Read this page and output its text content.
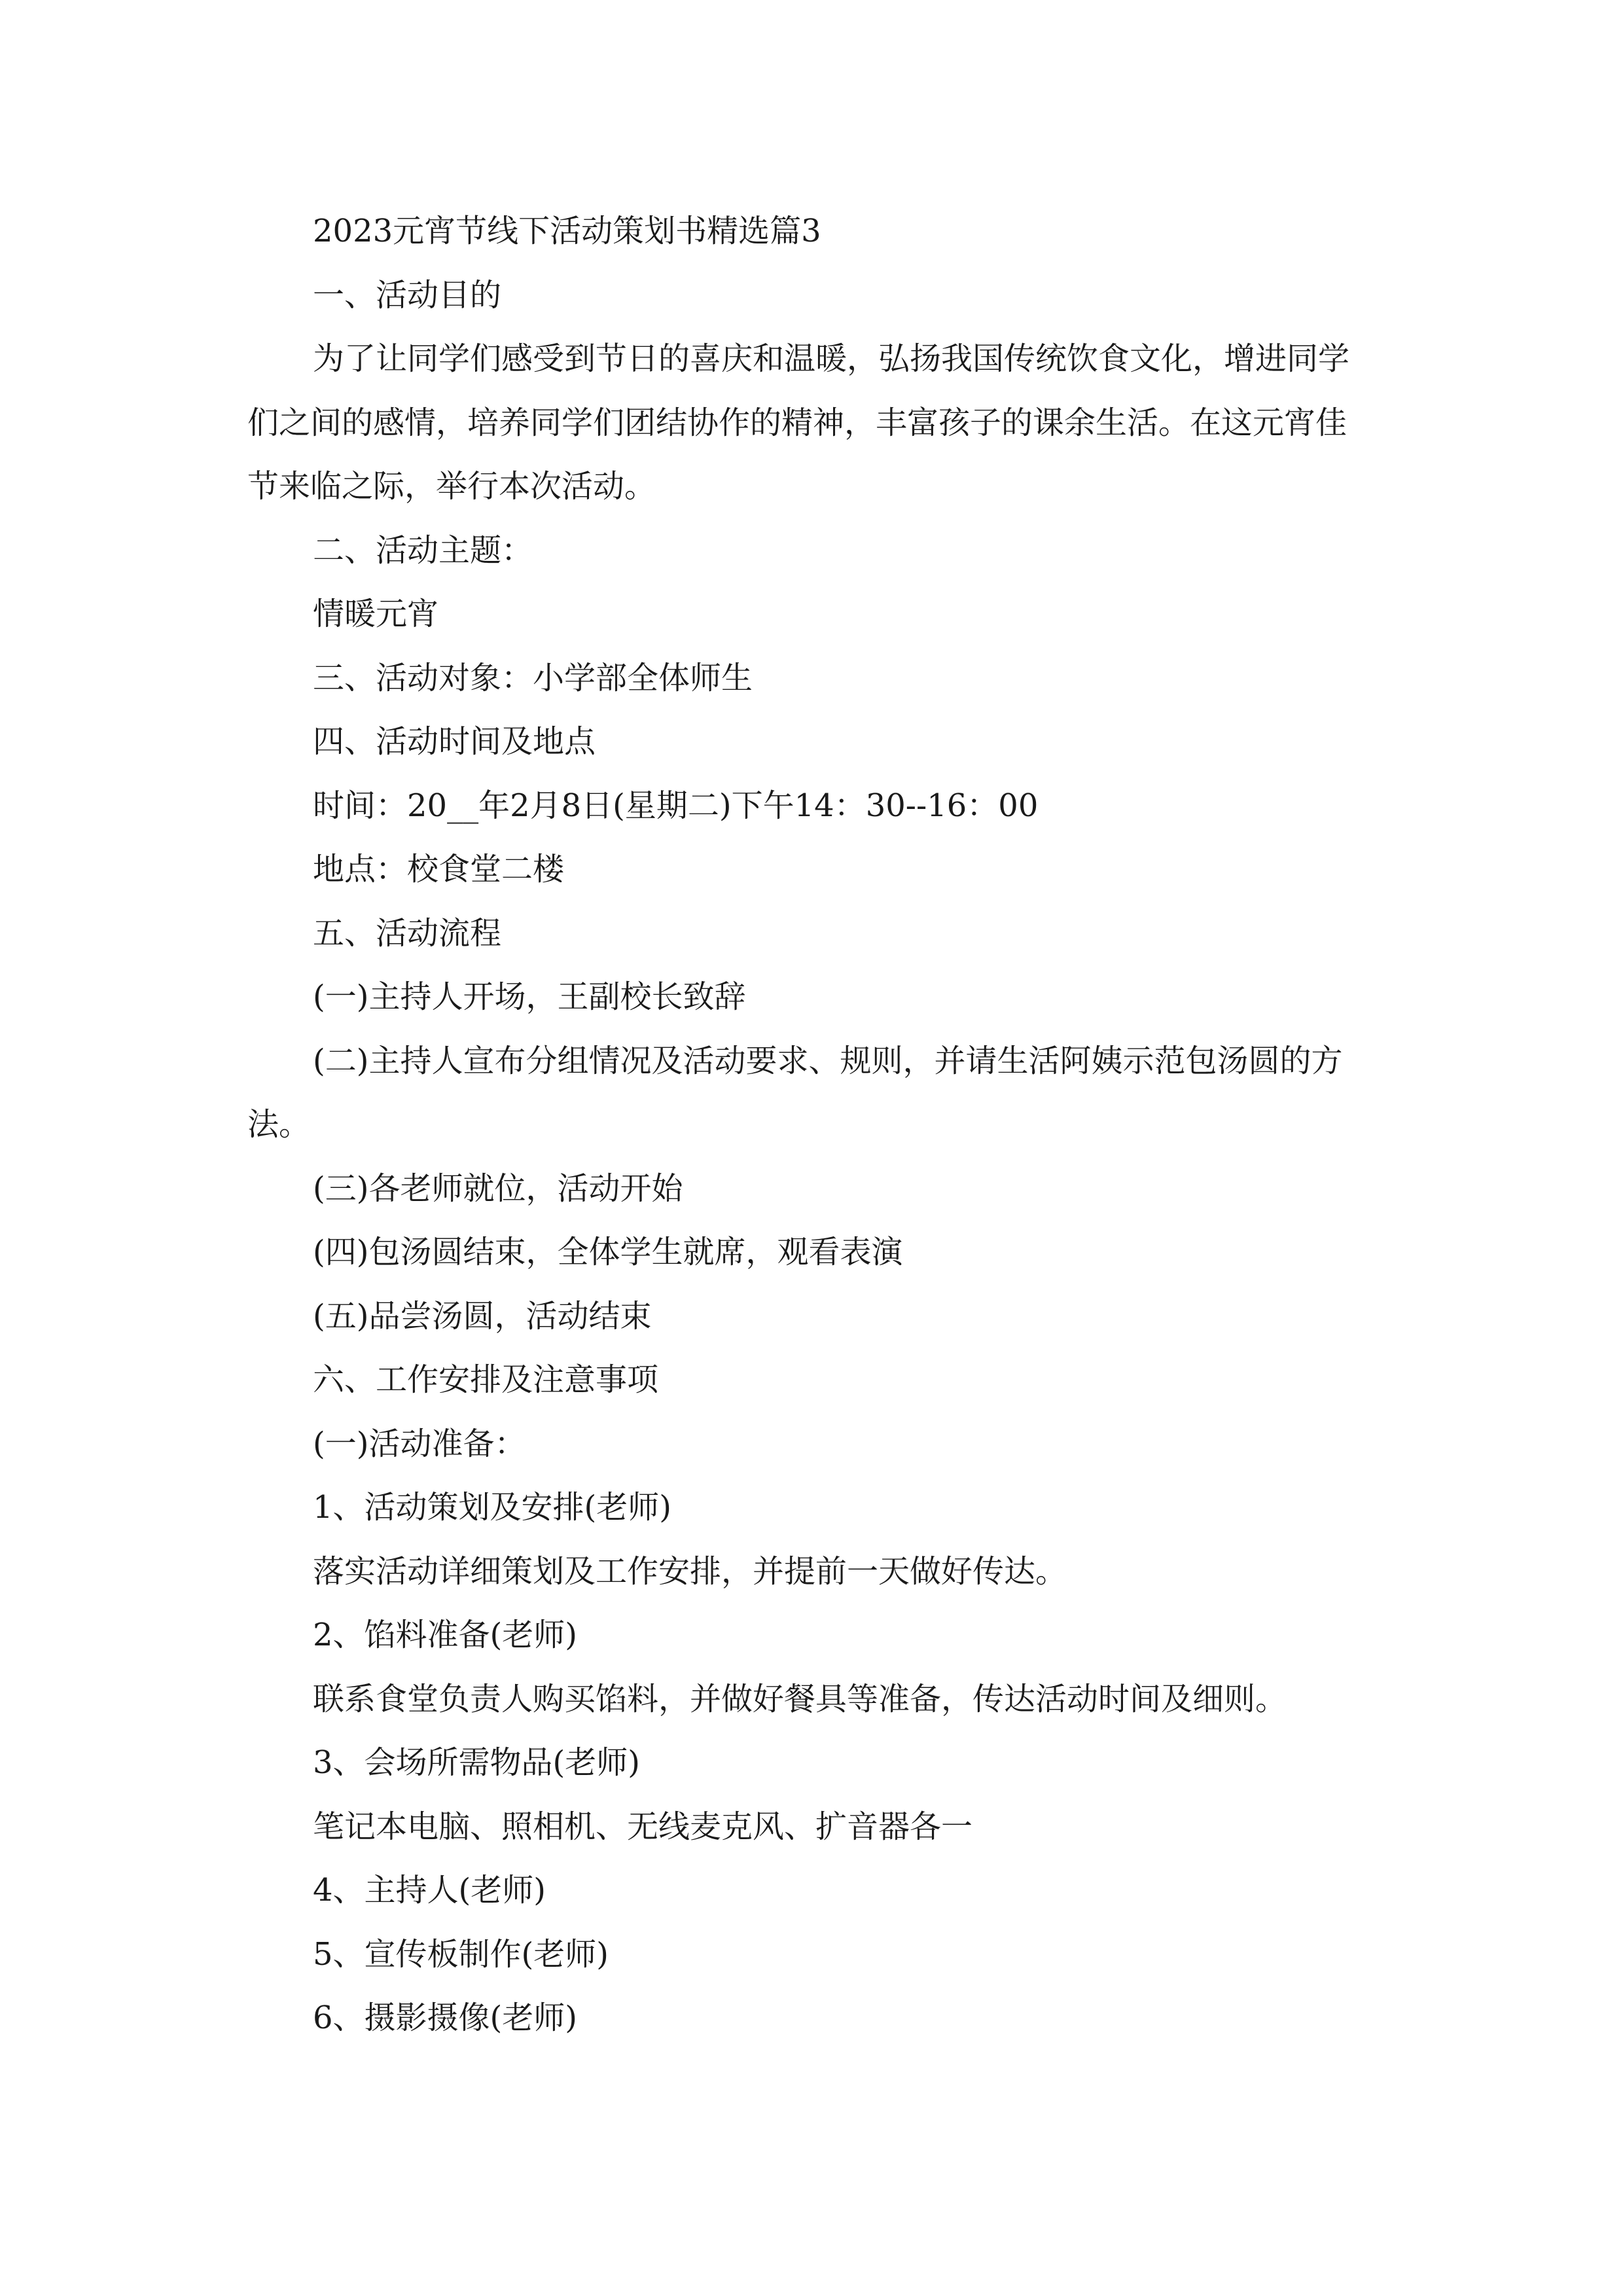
2023元宵节线下活动策划书精选篇3
一、活动目的
为了让同学们感受到节日的喜庆和温暖，弘扬我国传统饮食文化，增进同学
们之间的感情，培养同学们团结协作的精神，丰富孩子的课余生活。在这元宵佳
节来临之际，举行本次活动。
二、活动主题：
情暖元宵
三、活动对象：小学部全体师生
四、活动时间及地点
时间：20__年2月8日(星期二)下午14：30--16：00
地点：校食堂二楼
五、活动流程
(一)主持人开场，王副校长致辞
(二)主持人宣布分组情况及活动要求、规则，并请生活阿姨示范包汤圆的方
法。
(三)各老师就位，活动开始
(四)包汤圆结束，全体学生就席，观看表演
(五)品尝汤圆，活动结束
六、工作安排及注意事项
(一)活动准备：
1、活动策划及安排(老师)
落实活动详细策划及工作安排，并提前一天做好传达。
2、馅料准备(老师)
联系食堂负责人购买馅料，并做好餐具等准备，传达活动时间及细则。
3、会场所需物品(老师)
笔记本电脑、照相机、无线麦克风、扩音器各一
4、主持人(老师)
5、宣传板制作(老师)
6、摄影摄像(老师)
